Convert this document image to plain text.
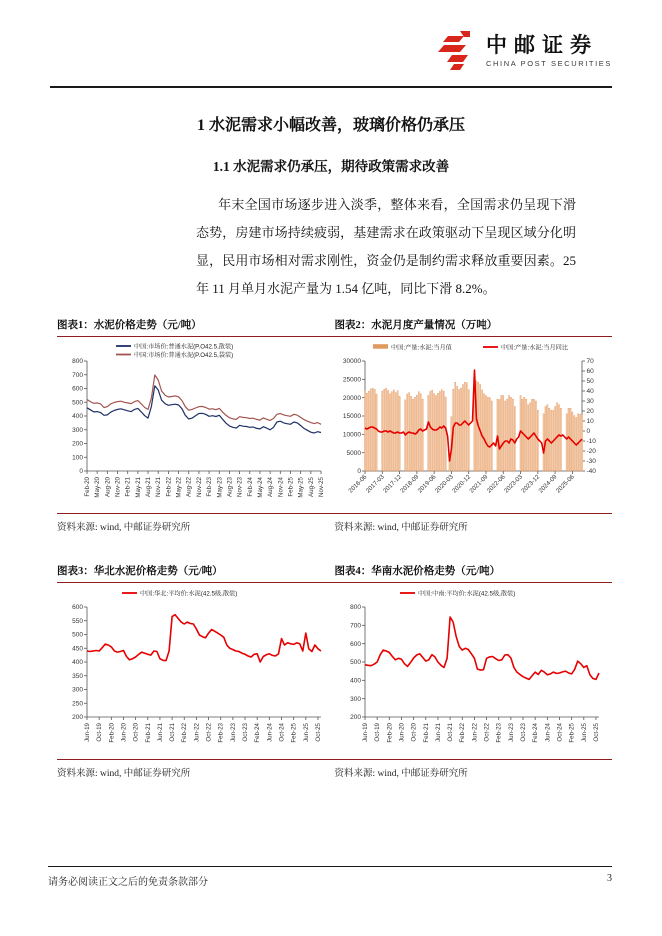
中邮证券
CHINA POST SECURITIES
1 水泥需求小幅改善，玻璃价格仍承压
1.1 水泥需求仍承压，期待政策需求改善

年末全国市场逐步进入淡季，整体来看，全国需求仍呈现下滑态势，房建市场持续疲弱，基建需求在政策驱动下呈现区域分化明显，民用市场相对需求刚性，资金仍是制约需求释放重要因素。25 年 11 月单月水泥产量为 1.54 亿吨，同比下滑 8.2%。

图表1：水泥价格走势（元/吨）	图表2：水泥月度产量情况（万吨）
0
100
200
300
400
500
600
700
800
Feb-20 May-20 Aug-20 Nov-20 Feb-21 May-21 Aug-21 Nov-21 Feb-22 May-22 Aug-22 Nov-22 Feb-23 May-23 Aug-23 Nov-23 Feb-24 May-24 Aug-24 Nov-24 Feb-25 May-25 Aug-25 Nov-25
中国:市场价:普通水泥(P.O42.5,散装)
中国:市场价:普通水泥(P.O42.5,袋装)
0
5000
10000
15000
20000
25000
30000
-40
-30
-20
-10
0
10
20
30
40
50
60
70
2016-06
2017-03
2017-12
2018-09
2019-06
2020-03
2020-12
2021-09
2022-06
2023-03
2023-12
2024-09
2025-06
中国:产量:水泥:当月值	中国:产量:水泥:当月同比
资料来源: wind, 中邮证券研究所	资料来源: wind, 中邮证券研究所
图表3：华北水泥价格走势（元/吨）	图表4：华南水泥价格走势（元/吨）
200
250
300
350
400
450
500
550
600
Jun-19 Oct-19 Feb-20 Jun-20 Oct-20 Feb-21 Jun-21 Oct-21 Feb-22 Jun-22 Oct-22 Feb-23 Jun-23 Oct-23 Feb-24 Jun-24 Oct-24 Feb-25 Jun-25 Oct-25
中国:华北:平均价:水泥(42.5级,散装)
200
300
400
500
600
700
800
Jun-19 Oct-19 Feb-20 Jun-20 Oct-20 Feb-21 Jun-21 Oct-21 Feb-22 Jun-22 Oct-22 Feb-23 Jun-23 Oct-23 Feb-24 Jun-24 Oct-24 Feb-25 Jun-25 Oct-25
中国:中南:平均价:水泥(42.5级,散装)
资料来源: wind, 中邮证券研究所	资料来源: wind, 中邮证券研究所
请务必阅读正文之后的免责条款部分	3
